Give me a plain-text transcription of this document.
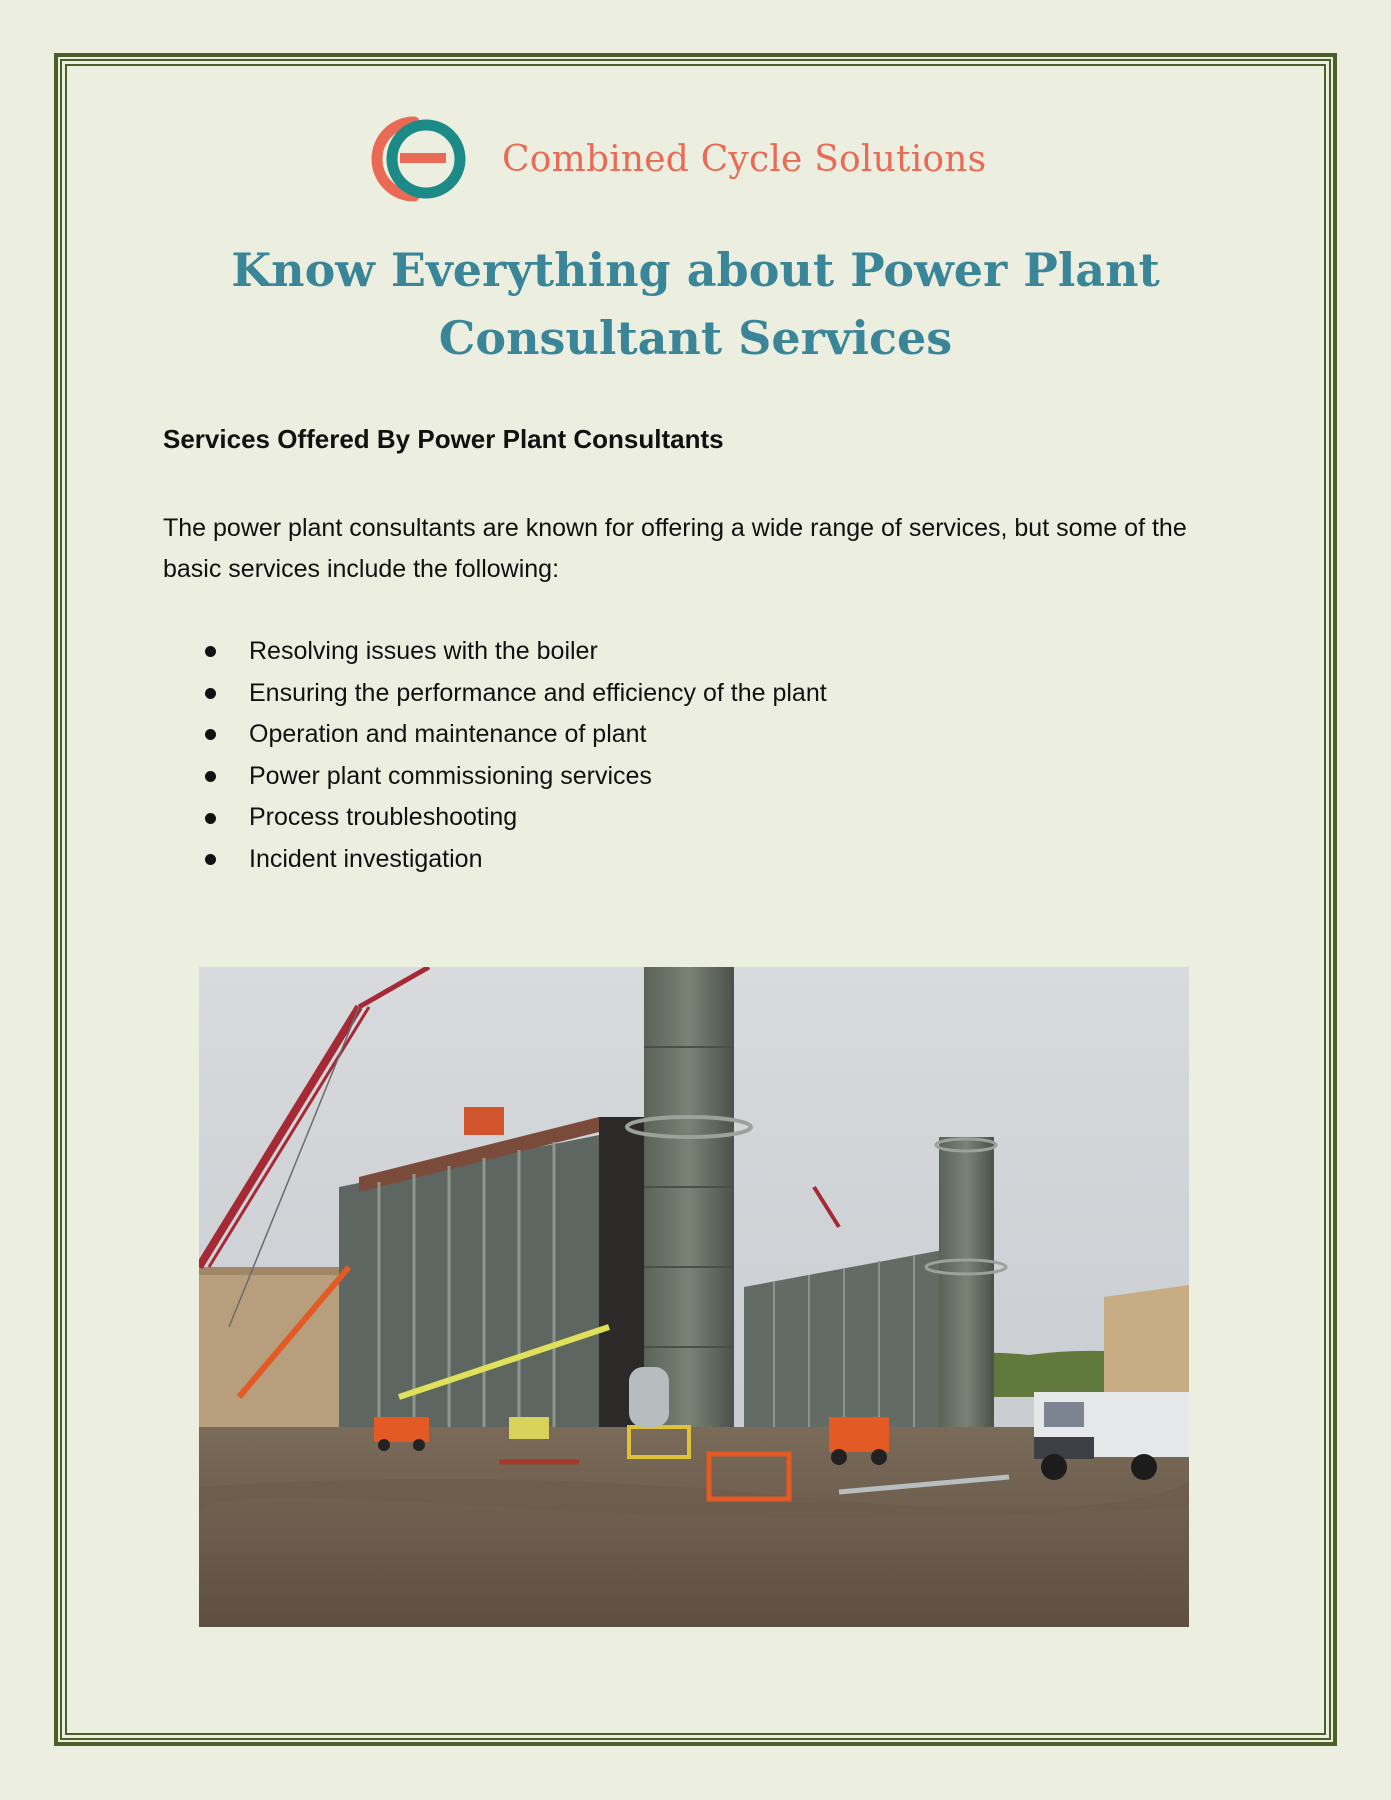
Combined Cycle Solutions
Know Everything about Power Plant
Consultant Services
Services Offered By Power Plant Consultants

The power plant consultants are known for offering a wide range of services, but some of the basic services include the following:

Resolving issues with the boiler
Ensuring the performance and efficiency of the plant
Operation and maintenance of plant
Power plant commissioning services
Process troubleshooting
Incident investigation
